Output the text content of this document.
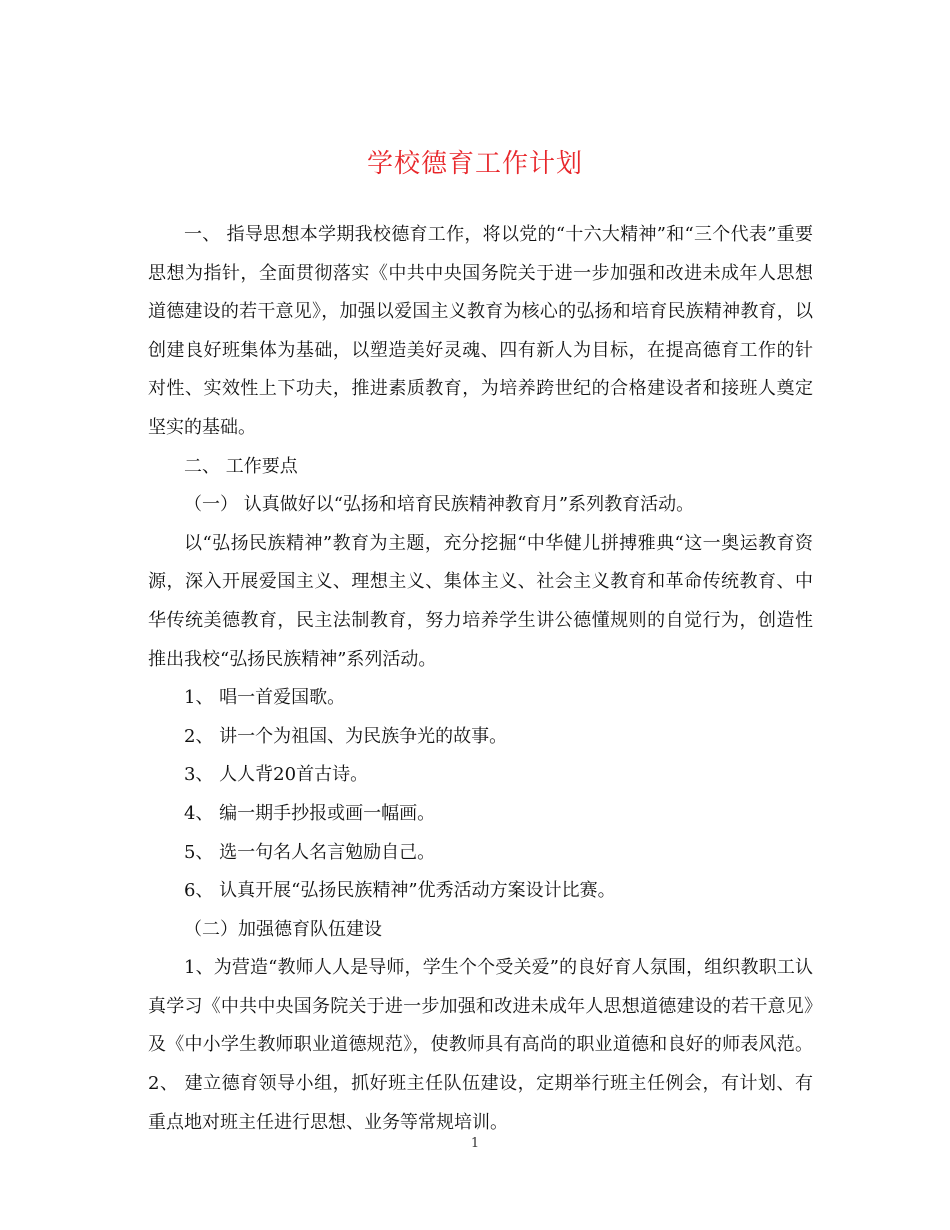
学校德育工作计划

一、 指导思想本学期我校德育工作，将以党的“十六大精神”和“三个代表”重要思想为指针，全面贯彻落实《中共中央国务院关于进一步加强和改进未成年人思想道德建设的若干意见》，加强以爱国主义教育为核心的弘扬和培育民族精神教育，以创建良好班集体为基础，以塑造美好灵魂、四有新人为目标，在提高德育工作的针对性、实效性上下功夫，推进素质教育，为培养跨世纪的合格建设者和接班人奠定坚实的基础。

二、 工作要点

（一） 认真做好以“弘扬和培育民族精神教育月”系列教育活动。

以“弘扬民族精神”教育为主题，充分挖掘“中华健儿拼搏雅典“这一奥运教育资源，深入开展爱国主义、理想主义、集体主义、社会主义教育和革命传统教育、中华传统美德教育，民主法制教育，努力培养学生讲公德懂规则的自觉行为，创造性推出我校“弘扬民族精神”系列活动。

1、 唱一首爱国歌。

2、 讲一个为祖国、为民族争光的故事。

3、 人人背20首古诗。

4、 编一期手抄报或画一幅画。

5、 选一句名人名言勉励自己。

6、 认真开展“弘扬民族精神”优秀活动方案设计比赛。

（二）加强德育队伍建设

1、为营造“教师人人是导师，学生个个受关爱”的良好育人氛围，组织教职工认真学习《中共中央国务院关于进一步加强和改进未成年人思想道德建设的若干意见》及《中小学生教师职业道德规范》，使教师具有高尚的职业道德和良好的师表风范。 2、 建立德育领导小组，抓好班主任队伍建设，定期举行班主任例会，有计划、有重点地对班主任进行思想、业务等常规培训。

1
